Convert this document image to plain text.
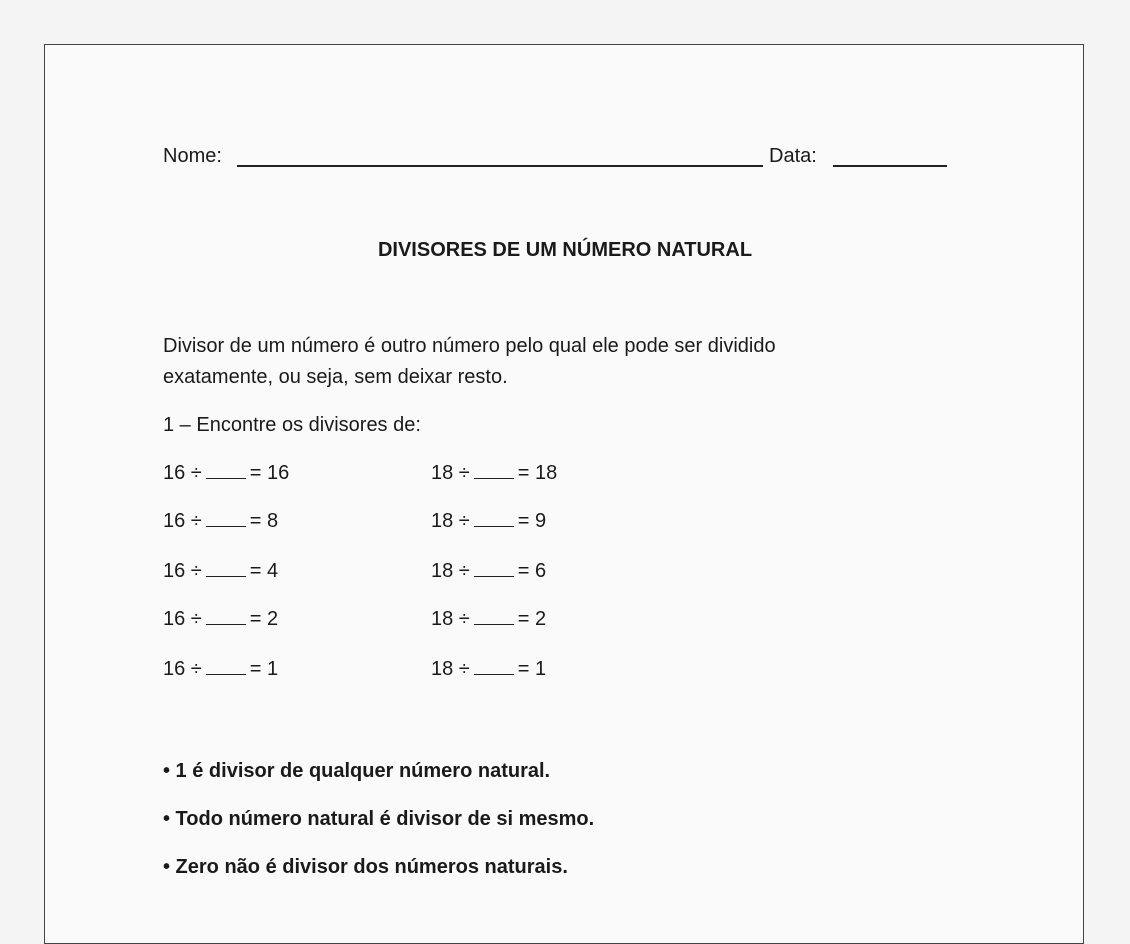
Nome:	Data:
DIVISORES DE UM NÚMERO NATURAL
Divisor de um número é outro número pelo qual ele pode ser dividido
exatamente, ou seja, sem deixar resto.
1 – Encontre os divisores de:
16 ÷ = 16
16 ÷ = 8
16 ÷ = 4
16 ÷ = 2
16 ÷ = 1
18 ÷ = 18
18 ÷ = 9
18 ÷ = 6
18 ÷ = 2
18 ÷ = 1
• 1 é divisor de qualquer número natural.
• Todo número natural é divisor de si mesmo.
• Zero não é divisor dos números naturais.
